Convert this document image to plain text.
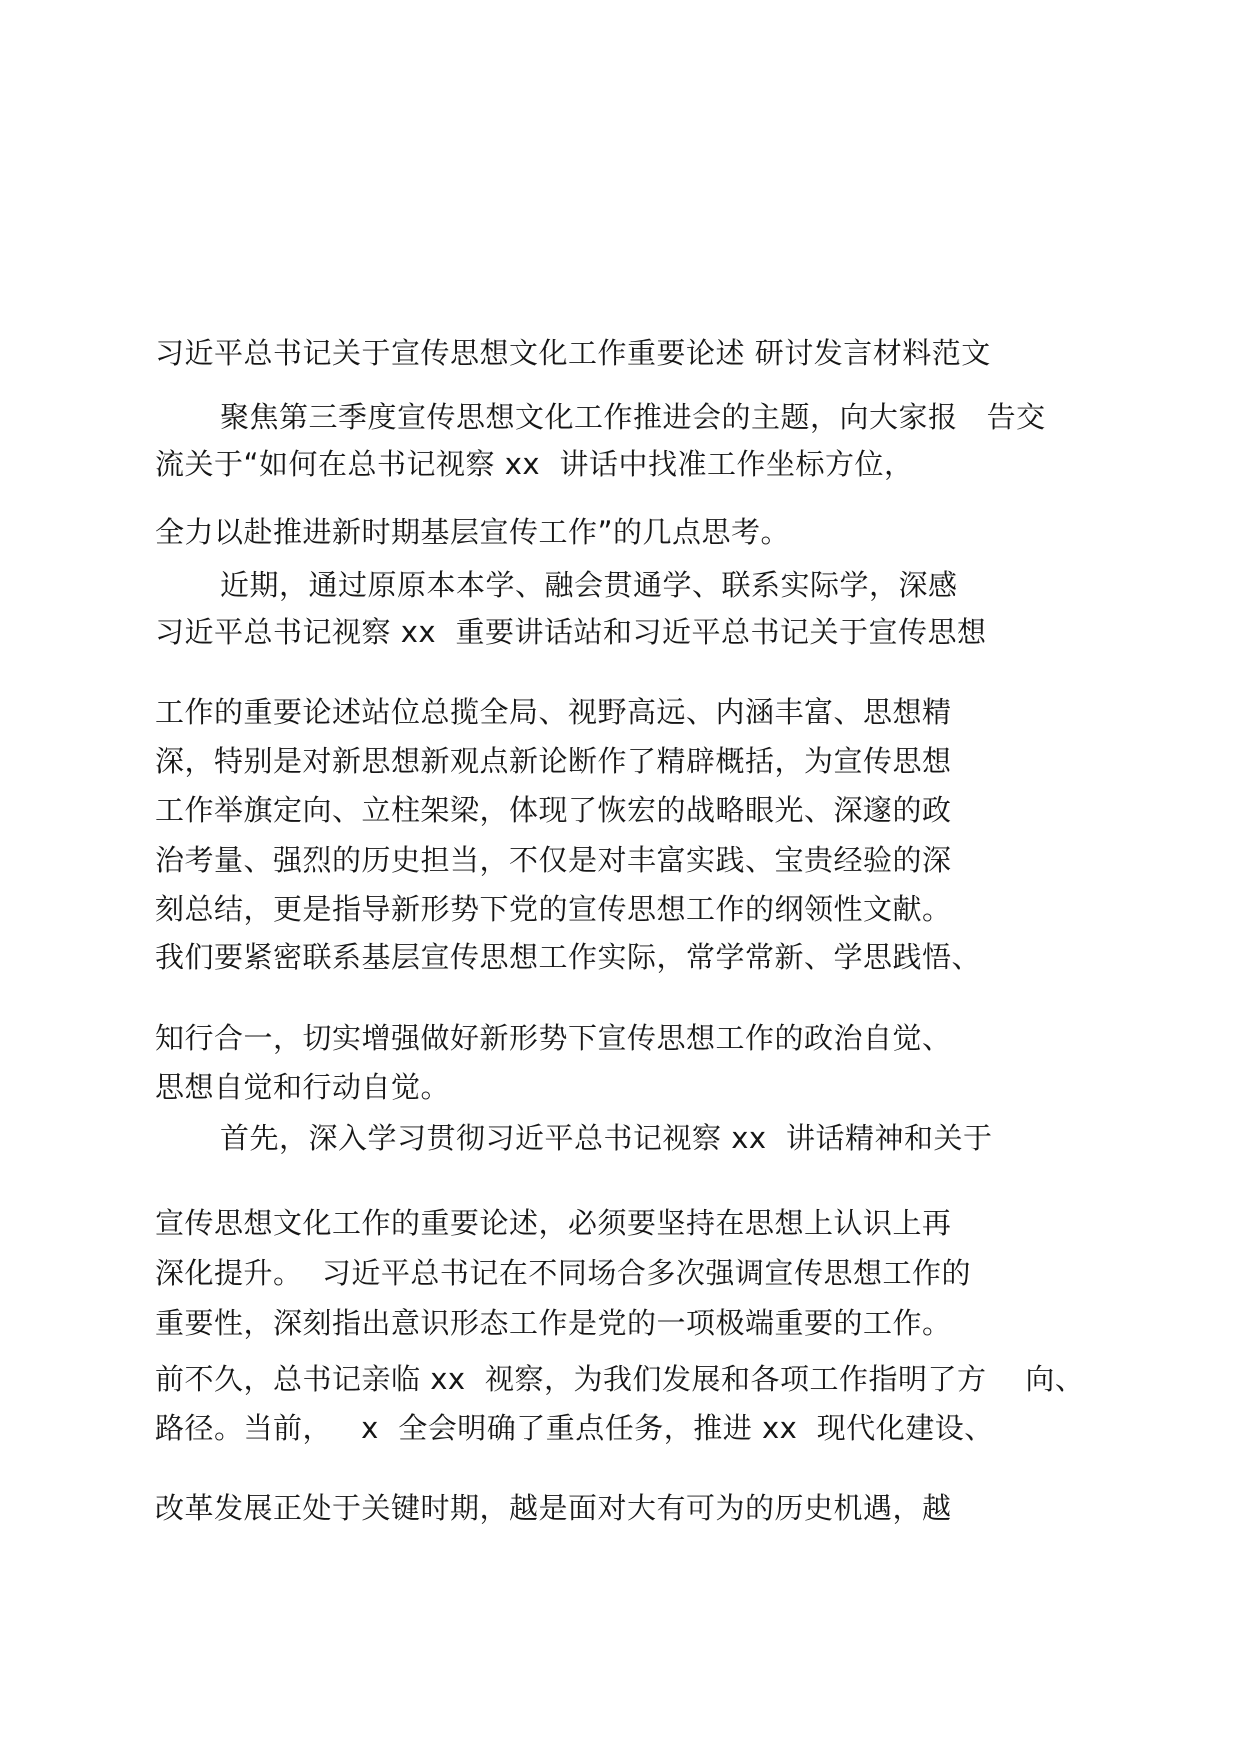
习近平总书记关于宣传思想文化工作重要论述 研讨发言材料范文
聚焦第三季度宣传思想文化工作推进会的主题，向大家报   告交
流关于“如何在总书记视察 xx  讲话中找准工作坐标方位，
全力以赴推进新时期基层宣传工作”的几点思考。
近期，通过原原本本学、融会贯通学、联系实际学，深感
习近平总书记视察 xx  重要讲话站和习近平总书记关于宣传思想
工作的重要论述站位总揽全局、视野高远、内涵丰富、思想精
深，特别是对新思想新观点新论断作了精辟概括，为宣传思想
工作举旗定向、立柱架梁，体现了恢宏的战略眼光、深邃的政
治考量、强烈的历史担当，不仅是对丰富实践、宝贵经验的深
刻总结，更是指导新形势下党的宣传思想工作的纲领性文献。
我们要紧密联系基层宣传思想工作实际，常学常新、学思践悟、
知行合一，切实增强做好新形势下宣传思想工作的政治自觉、
思想自觉和行动自觉。
首先，深入学习贯彻习近平总书记视察 xx  讲话精神和关于
宣传思想文化工作的重要论述，必须要坚持在思想上认识上再
深化提升。  习近平总书记在不同场合多次强调宣传思想工作的
重要性，深刻指出意识形态工作是党的一项极端重要的工作。
前不久，总书记亲临 xx  视察，为我们发展和各项工作指明了方    向、
路径。当前，   x  全会明确了重点任务，推进 xx  现代化建设、
改革发展正处于关键时期，越是面对大有可为的历史机遇，越
